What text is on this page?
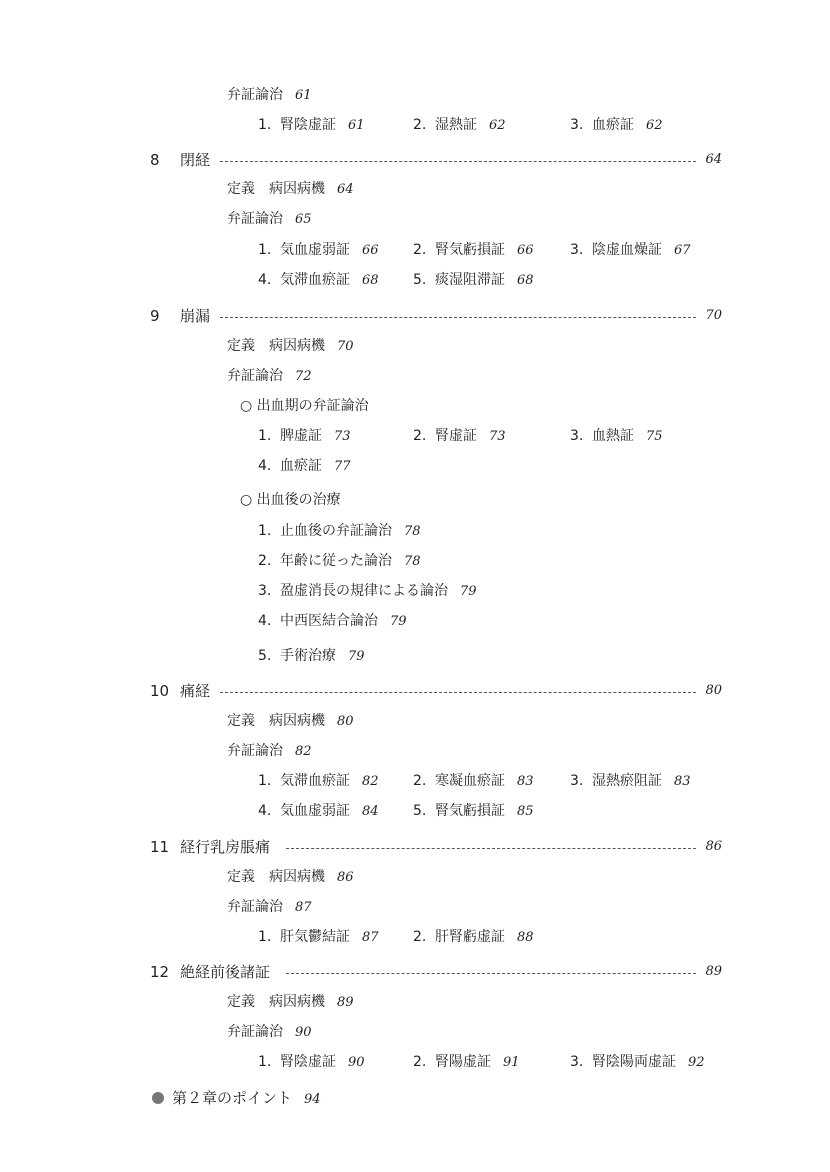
弁証論治 61
1. 腎陰虚証 61	2. 湿熱証 62	3. 血瘀証 62
8 閉経	64
定義　病因病機 64
弁証論治 65
1. 気血虚弱証 66 2. 腎気虧損証 66	3. 陰虚血燥証 67
4. 気滞血瘀証 68 5. 痰湿阻滞証 68
9 崩漏	70
定義　病因病機 70
弁証論治 72
○ 出血期の弁証論治
1. 脾虚証 73	2. 腎虚証 73	3. 血熱証 75
4. 血瘀証 77
○ 出血後の治療
1. 止血後の弁証論治 78
2. 年齢に従った論治 78
3. 盈虚消長の規律による論治 79
4. 中西医結合論治 79
5. 手術治療 79
10 痛経	80
定義　病因病機 80
弁証論治 82
1. 気滞血瘀証 82 2. 寒凝血瘀証 83	3. 湿熱瘀阻証 83
4. 気血虚弱証 84 5. 腎気虧損証 85
11 経行乳房脹痛	86
定義　病因病機 86
弁証論治 87
1. 肝気鬱結証 87 2. 肝腎虧虚証 88
12 絶経前後諸証	89
定義　病因病機 89
弁証論治 90
1. 腎陰虚証 90	2. 腎陽虚証 91	3. 腎陰陽両虚証 92
第２章のポイント 94
